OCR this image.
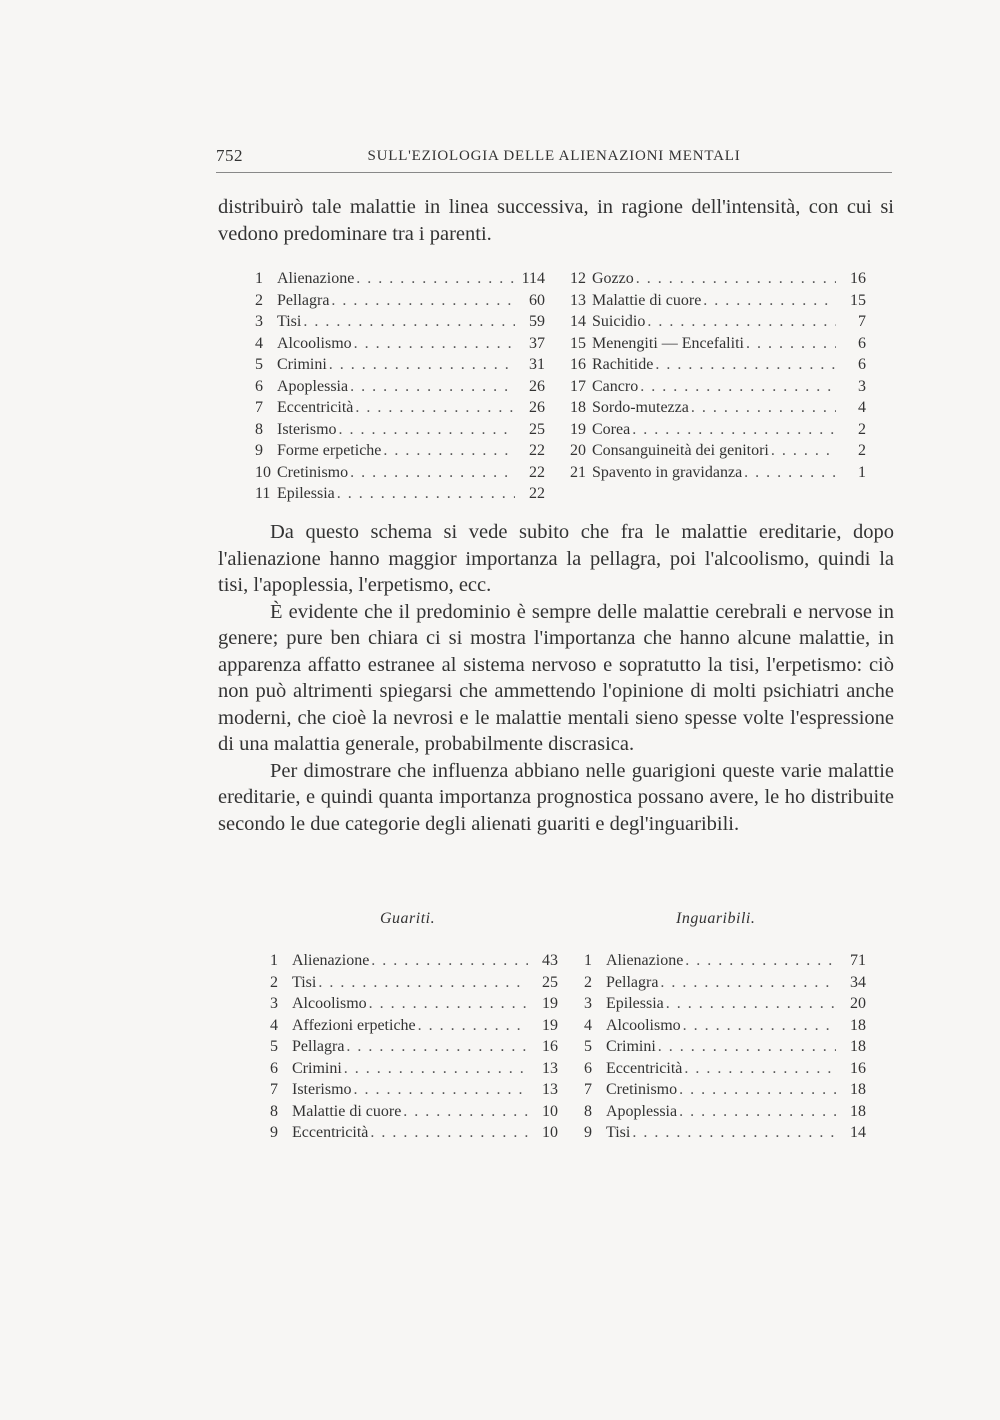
752	SULL'EZIOLOGIA DELLE ALIENAZIONI MENTALI

distribuirò tale malattie in linea successiva, in ragione dell'intensità, con cui si vedono predominare tra i parenti.

1 Alienazione . . .	114
2 Pellagra . . .	60
3 Tisi . . .	59
4 Alcoolismo . . .	37
5 Crimini . . .	31
6 Apoplessia . . .	26
7 Eccentricità . . .	26
8 Isterismo . . .	25
9 Forme erpetiche . . .	22
10 Cretinismo . . .	22
11 Epilessia . . .	22
12 Gozzo . . .	16
13 Malattie di cuore . . .	15
14 Suicidio . . .	7
15 Menengiti — Encefaliti . . .	6
16 Rachitide . . .	6
17 Cancro . . .	3
18 Sordo-mutezza . . .	4
19 Corea . . .	2
20 Consanguineità dei genitori . . .	2
21 Spavento in gravidanza . . .	1

Da questo schema si vede subito che fra le malattie ereditarie, dopo l'alienazione hanno maggior importanza la pellagra, poi l'alcoolismo, quindi la tisi, l'apoplessia, l'erpetismo, ecc.

È evidente che il predominio è sempre delle malattie cerebrali e nervose in genere; pure ben chiara ci si mostra l'importanza che hanno alcune malattie, in apparenza affatto estranee al sistema nervoso e sopratutto la tisi, l'erpetismo: ciò non può altrimenti spiegarsi che ammettendo l'opinione di molti psichiatri anche moderni, che cioè la nevrosi e le malattie mentali sieno spesse volte l'espressione di una malattia generale, probabilmente discrasica.

Per dimostrare che influenza abbiano nelle guarigioni queste varie malattie ereditarie, e quindi quanta importanza prognostica possano avere, le ho distribuite secondo le due categorie degli alienati guariti e degl'inguaribili.

Guariti.	Inguaribili.
1 Alienazione . . .	43
2 Tisi . . .	25
3 Alcoolismo . . .	19
4 Affezioni erpetiche . . .	19
5 Pellagra . . .	16
6 Crimini . . .	13
7 Isterismo . . .	13
8 Malattie di cuore . . .	10
9 Eccentricità . . .	10
1 Alienazione . . .	71
2 Pellagra . . .	34
3 Epilessia . . .	20
4 Alcoolismo . . .	18
5 Crimini . . .	18
6 Eccentricità . . .	16
7 Cretinismo . . .	18
8 Apoplessia . . .	18
9 Tisi . . .	14
